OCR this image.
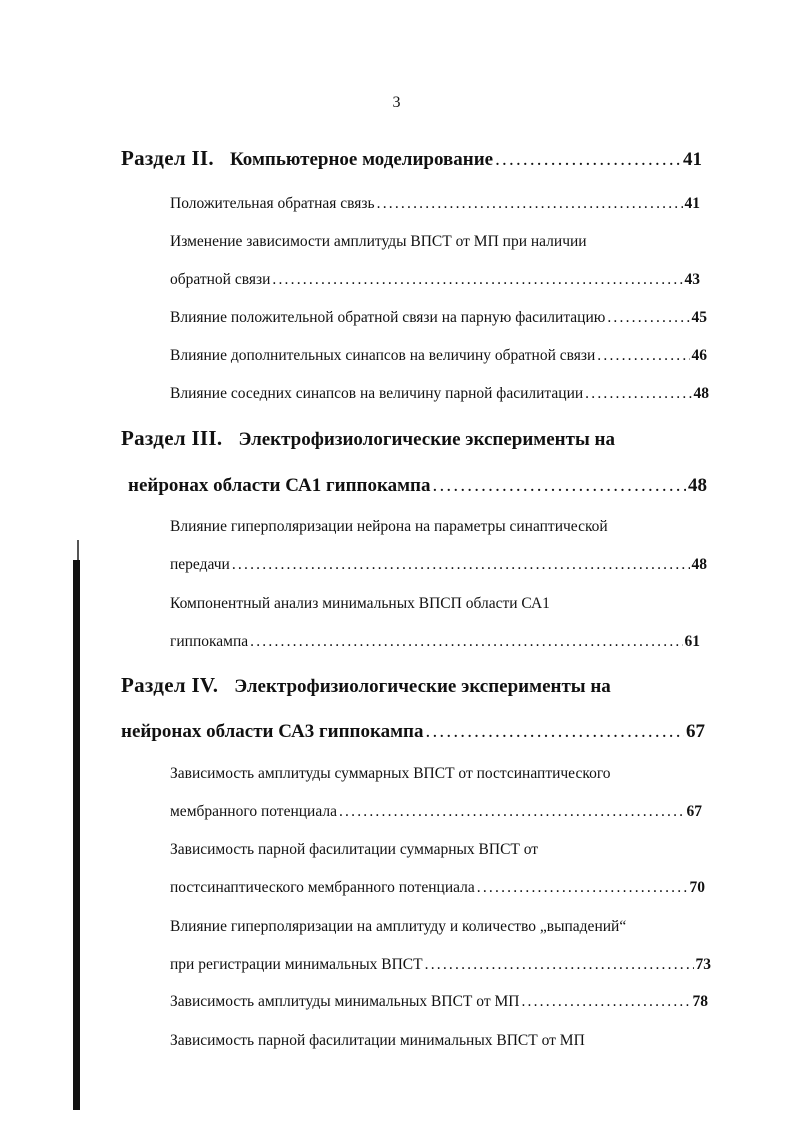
3
Раздел II. Компьютерное моделирование .....	41
Положительная обратная связь .....	41
Изменение зависимости амплитуды ВПСТ от МП при наличии
обратной связи .....	43
Влияние положительной обратной связи на парную фасилитацию .....	45
Влияние дополнительных синапсов на величину обратной связи .....	46
Влияние соседних синапсов на величину парной фасилитации .....	48
Раздел III. Электрофизиологические эксперименты на
нейронах области СА1 гиппокампа .....	48
Влияние гиперполяризации нейрона на параметры синаптической
передачи .....	48
Компонентный анализ минимальных ВПСП области СА1
гиппокампа .....	61
Раздел IV. Электрофизиологические эксперименты на
нейронах области СА3 гиппокампа .....	67
Зависимость амплитуды суммарных ВПСТ от постсинаптического
мембранного потенциала .....	67
Зависимость парной фасилитации суммарных ВПСТ от
постсинаптического мембранного потенциала .....	70
Влияние гиперполяризации на амплитуду и количество „выпадений“
при регистрации минимальных ВПСТ .....	73
Зависимость амплитуды минимальных ВПСТ от МП .....	78
Зависимость парной фасилитации минимальных ВПСТ от МП
